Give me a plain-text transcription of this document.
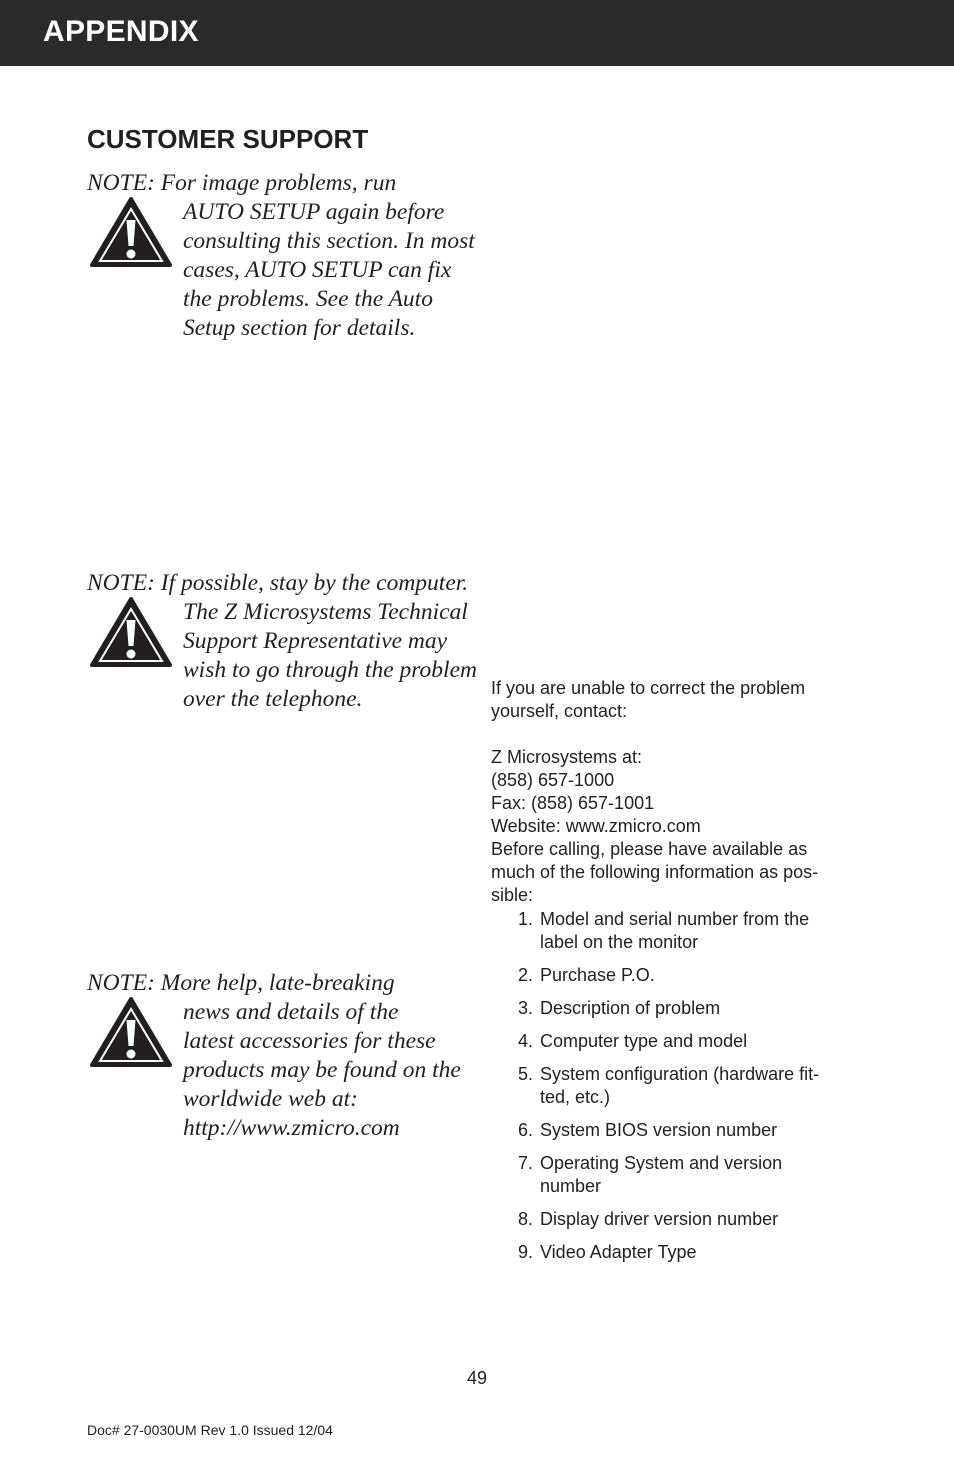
APPENDIX
CUSTOMER SUPPORT
NOTE: For image problems, run
AUTO SETUP again before
consulting this section. In most
cases, AUTO SETUP can fix
the problems. See the Auto
Setup section for details.
NOTE: If possible, stay by the computer.
The Z Microsystems Technical
Support Representative may
wish to go through the problem
over the telephone.
NOTE: More help, late-breaking
news and details of the
latest accessories for these
products may be found on the
worldwide web at:
http://www.zmicro.com

If you are unable to correct the problem

yourself, contact:

Z Microsystems at:

(858) 657-1000

Fax: (858) 657-1001

Website: www.zmicro.com

Before calling, please have available as

much of the following information as pos-

sible:

1. Model and serial number from the
label on the monitor
2. Purchase P.O.
3. Description of problem
4. Computer type and model
5. System configuration (hardware fit-
ted, etc.)
6. System BIOS version number
7. Operating System and version
number
8. Display driver version number
9. Video Adapter Type
49
Doc# 27-0030UM Rev 1.0 Issued 12/04
